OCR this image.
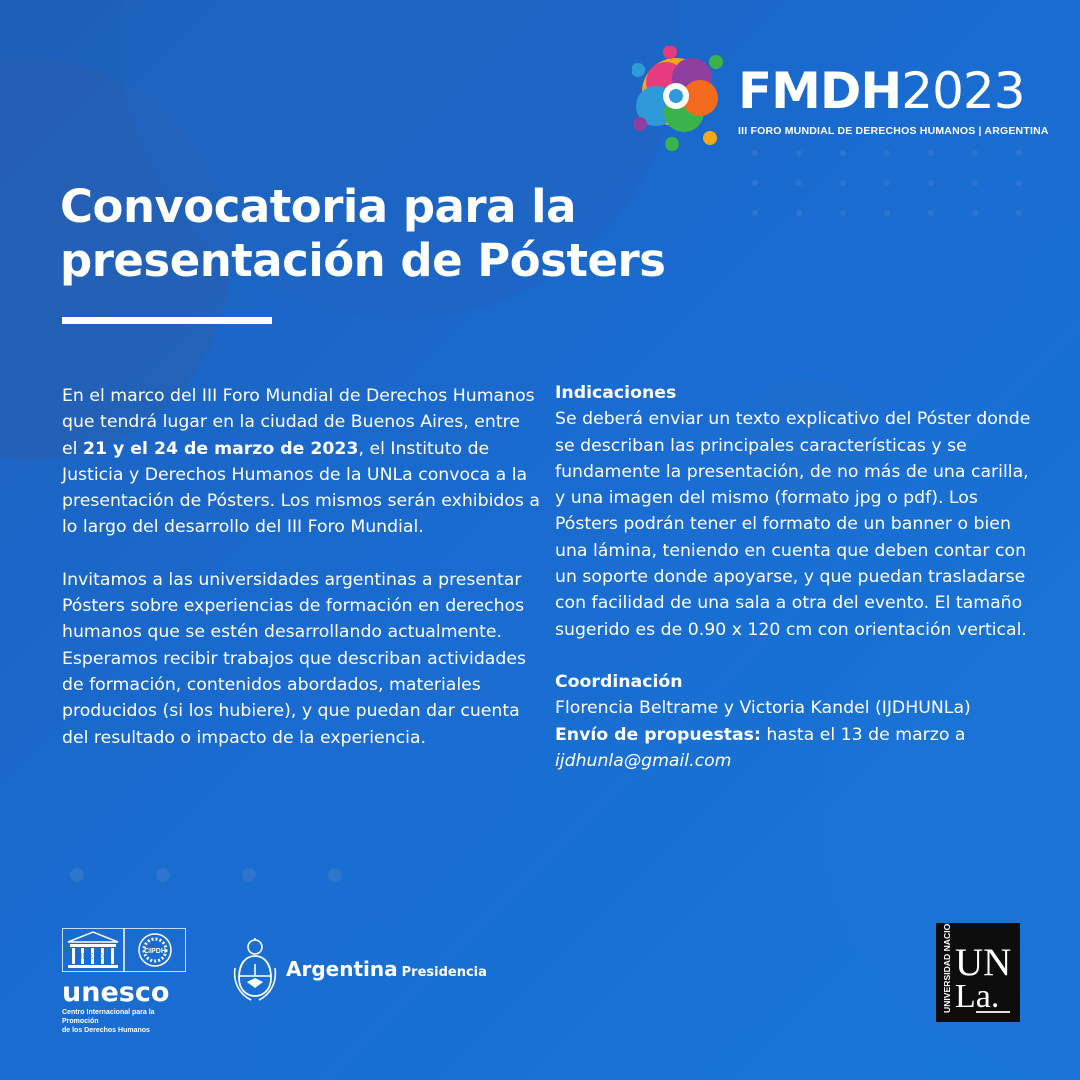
FMDH2023
III FORO MUNDIAL DE DERECHOS HUMANOS | ARGENTINA
Convocatoria para la
presentación de Pósters

En el marco del III Foro Mundial de Derechos Humanos que tendrá lugar en la ciudad de Buenos Aires, entre el 21 y el 24 de marzo de 2023, el Instituto de Justicia y Derechos Humanos de la UNLa convoca a la presentación de Pósters. Los mismos serán exhibidos a lo largo del desarrollo del III Foro Mundial.

Invitamos a las universidades argentinas a presentar Pósters sobre experiencias de formación en derechos humanos que se estén desarrollando actualmente. Esperamos recibir trabajos que describan actividades de formación, contenidos abordados, materiales producidos (si los hubiere), y que puedan dar cuenta del resultado o impacto de la experiencia.

Indicaciones

Se deberá enviar un texto explicativo del Póster donde se describan las principales características y se fundamente la presentación, de no más de una carilla, y una imagen del mismo (formato jpg o pdf). Los Pósters podrán tener el formato de un banner o bien una lámina, teniendo en cuenta que deben contar con un soporte donde apoyarse, y que puedan trasladarse con facilidad de una sala a otra del evento. El tamaño sugerido es de 0.90 x 120 cm con orientación vertical.

Coordinación

Florencia Beltrame y Victoria Kandel (IJDHUNLa)

Envío de propuestas: hasta el 13 de marzo a

ijdhunla@gmail.com

UNESCO
CIPDH
unesco
Centro Internacional para la Promoción
de los Derechos Humanos
Argentina Presidencia	UNIVERSIDAD NACIONAL DE LANÚS UN
La.
